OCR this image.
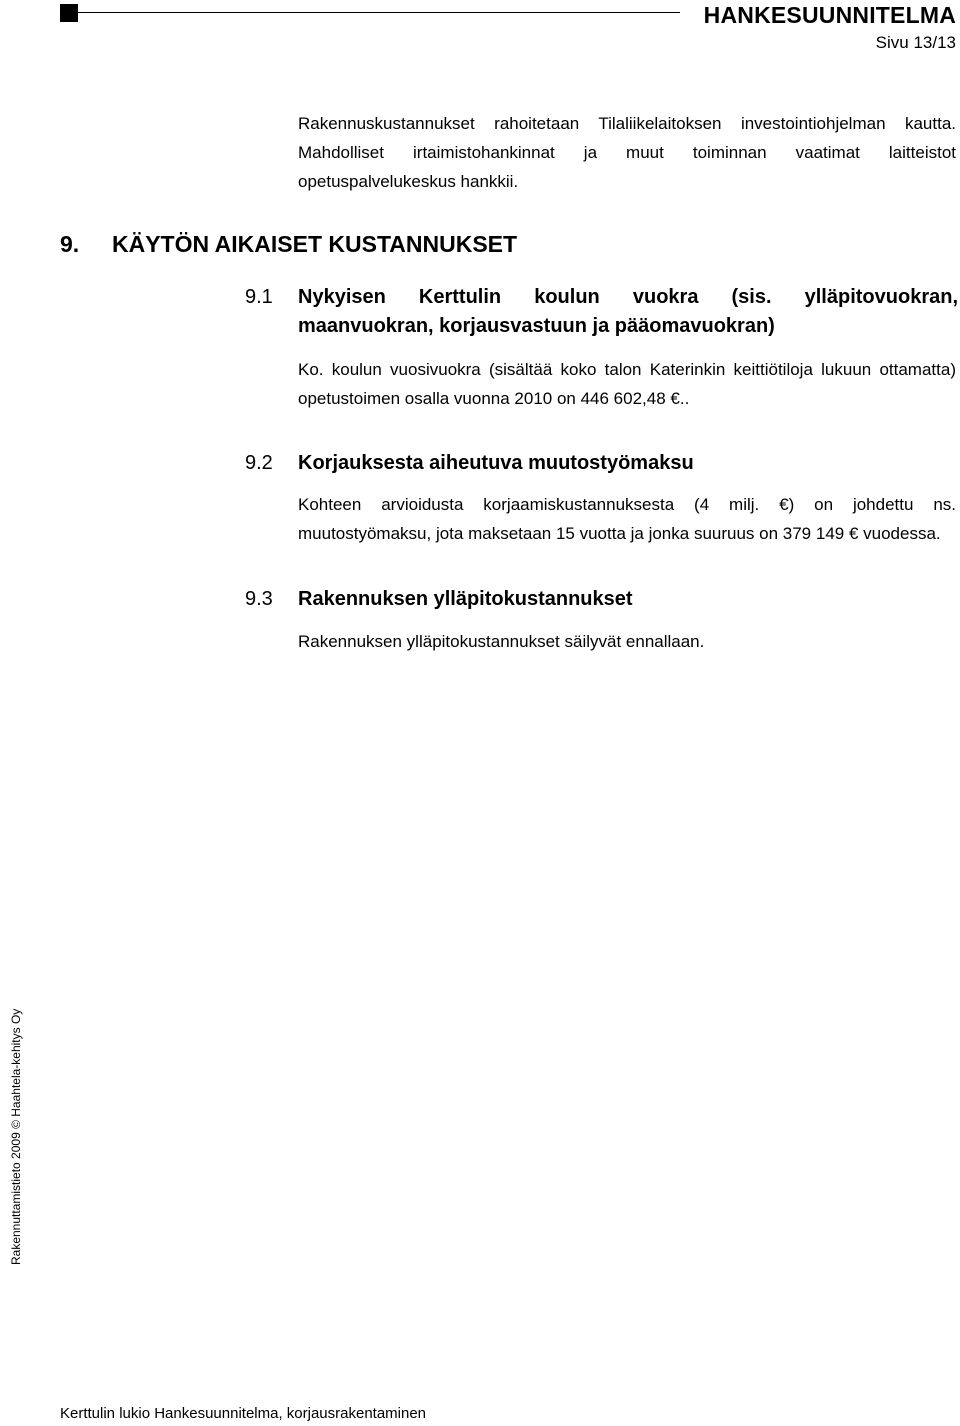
HANKESUUNNITELMA
Sivu 13/13

Rakennuskustannukset rahoitetaan Tilaliikelaitoksen investointiohjelman kautta. Mahdolliset irtaimistohankinnat ja muut toiminnan vaatimat laitteistot opetuspalvelukeskus hankkii.

9. KÄYTÖN AIKAISET KUSTANNUKSET
9.1 Nykyisen Kerttulin koulun vuokra (sis. ylläpitovuokran, maanvuokran, korjausvastuun ja pääomavuokran)

Ko. koulun vuosivuokra (sisältää koko talon Katerinkin keittiötiloja lukuun ottamatta) opetustoimen osalla vuonna 2010 on 446 602,48 €..

9.2 Korjauksesta aiheutuva muutostyömaksu

Kohteen arvioidusta korjaamiskustannuksesta (4 milj. €) on johdettu ns. muutostyömaksu, jota maksetaan 15 vuotta ja jonka suuruus on 379 149 € vuodessa.

9.3 Rakennuksen ylläpitokustannukset

Rakennuksen ylläpitokustannukset säilyvät ennallaan.

Rakennuttamistieto 2009 © Haahtela-kehitys Oy
Kerttulin lukio Hankesuunnitelma, korjausrakentaminen
